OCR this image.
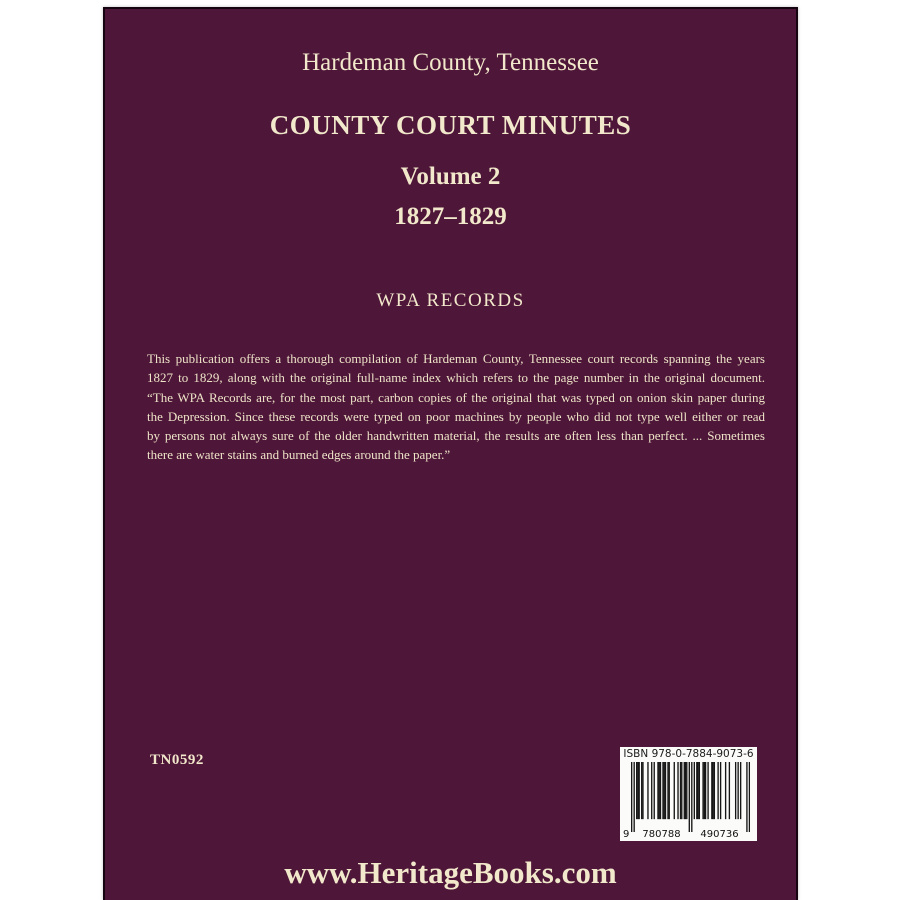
Hardeman County, Tennessee
COUNTY COURT MINUTES
Volume 2
1827–1829
WPA RECORDS
This publication offers a thorough compilation of Hardeman County, Tennessee court records spanning the years
1827 to 1829, along with the original full-name index which refers to the page number in the original document.
“The WPA Records are, for the most part, carbon copies of the original that was typed on onion skin paper during
the Depression. Since these records were typed on poor machines by people who did not type well either or read
by persons not always sure of the older handwritten material, the results are often less than perfect. ... Sometimes
there are water stains and burned edges around the paper.”
TN0592	ISBN 978-0-7884-9073-6
9	780788	490736
www.HeritageBooks.com
